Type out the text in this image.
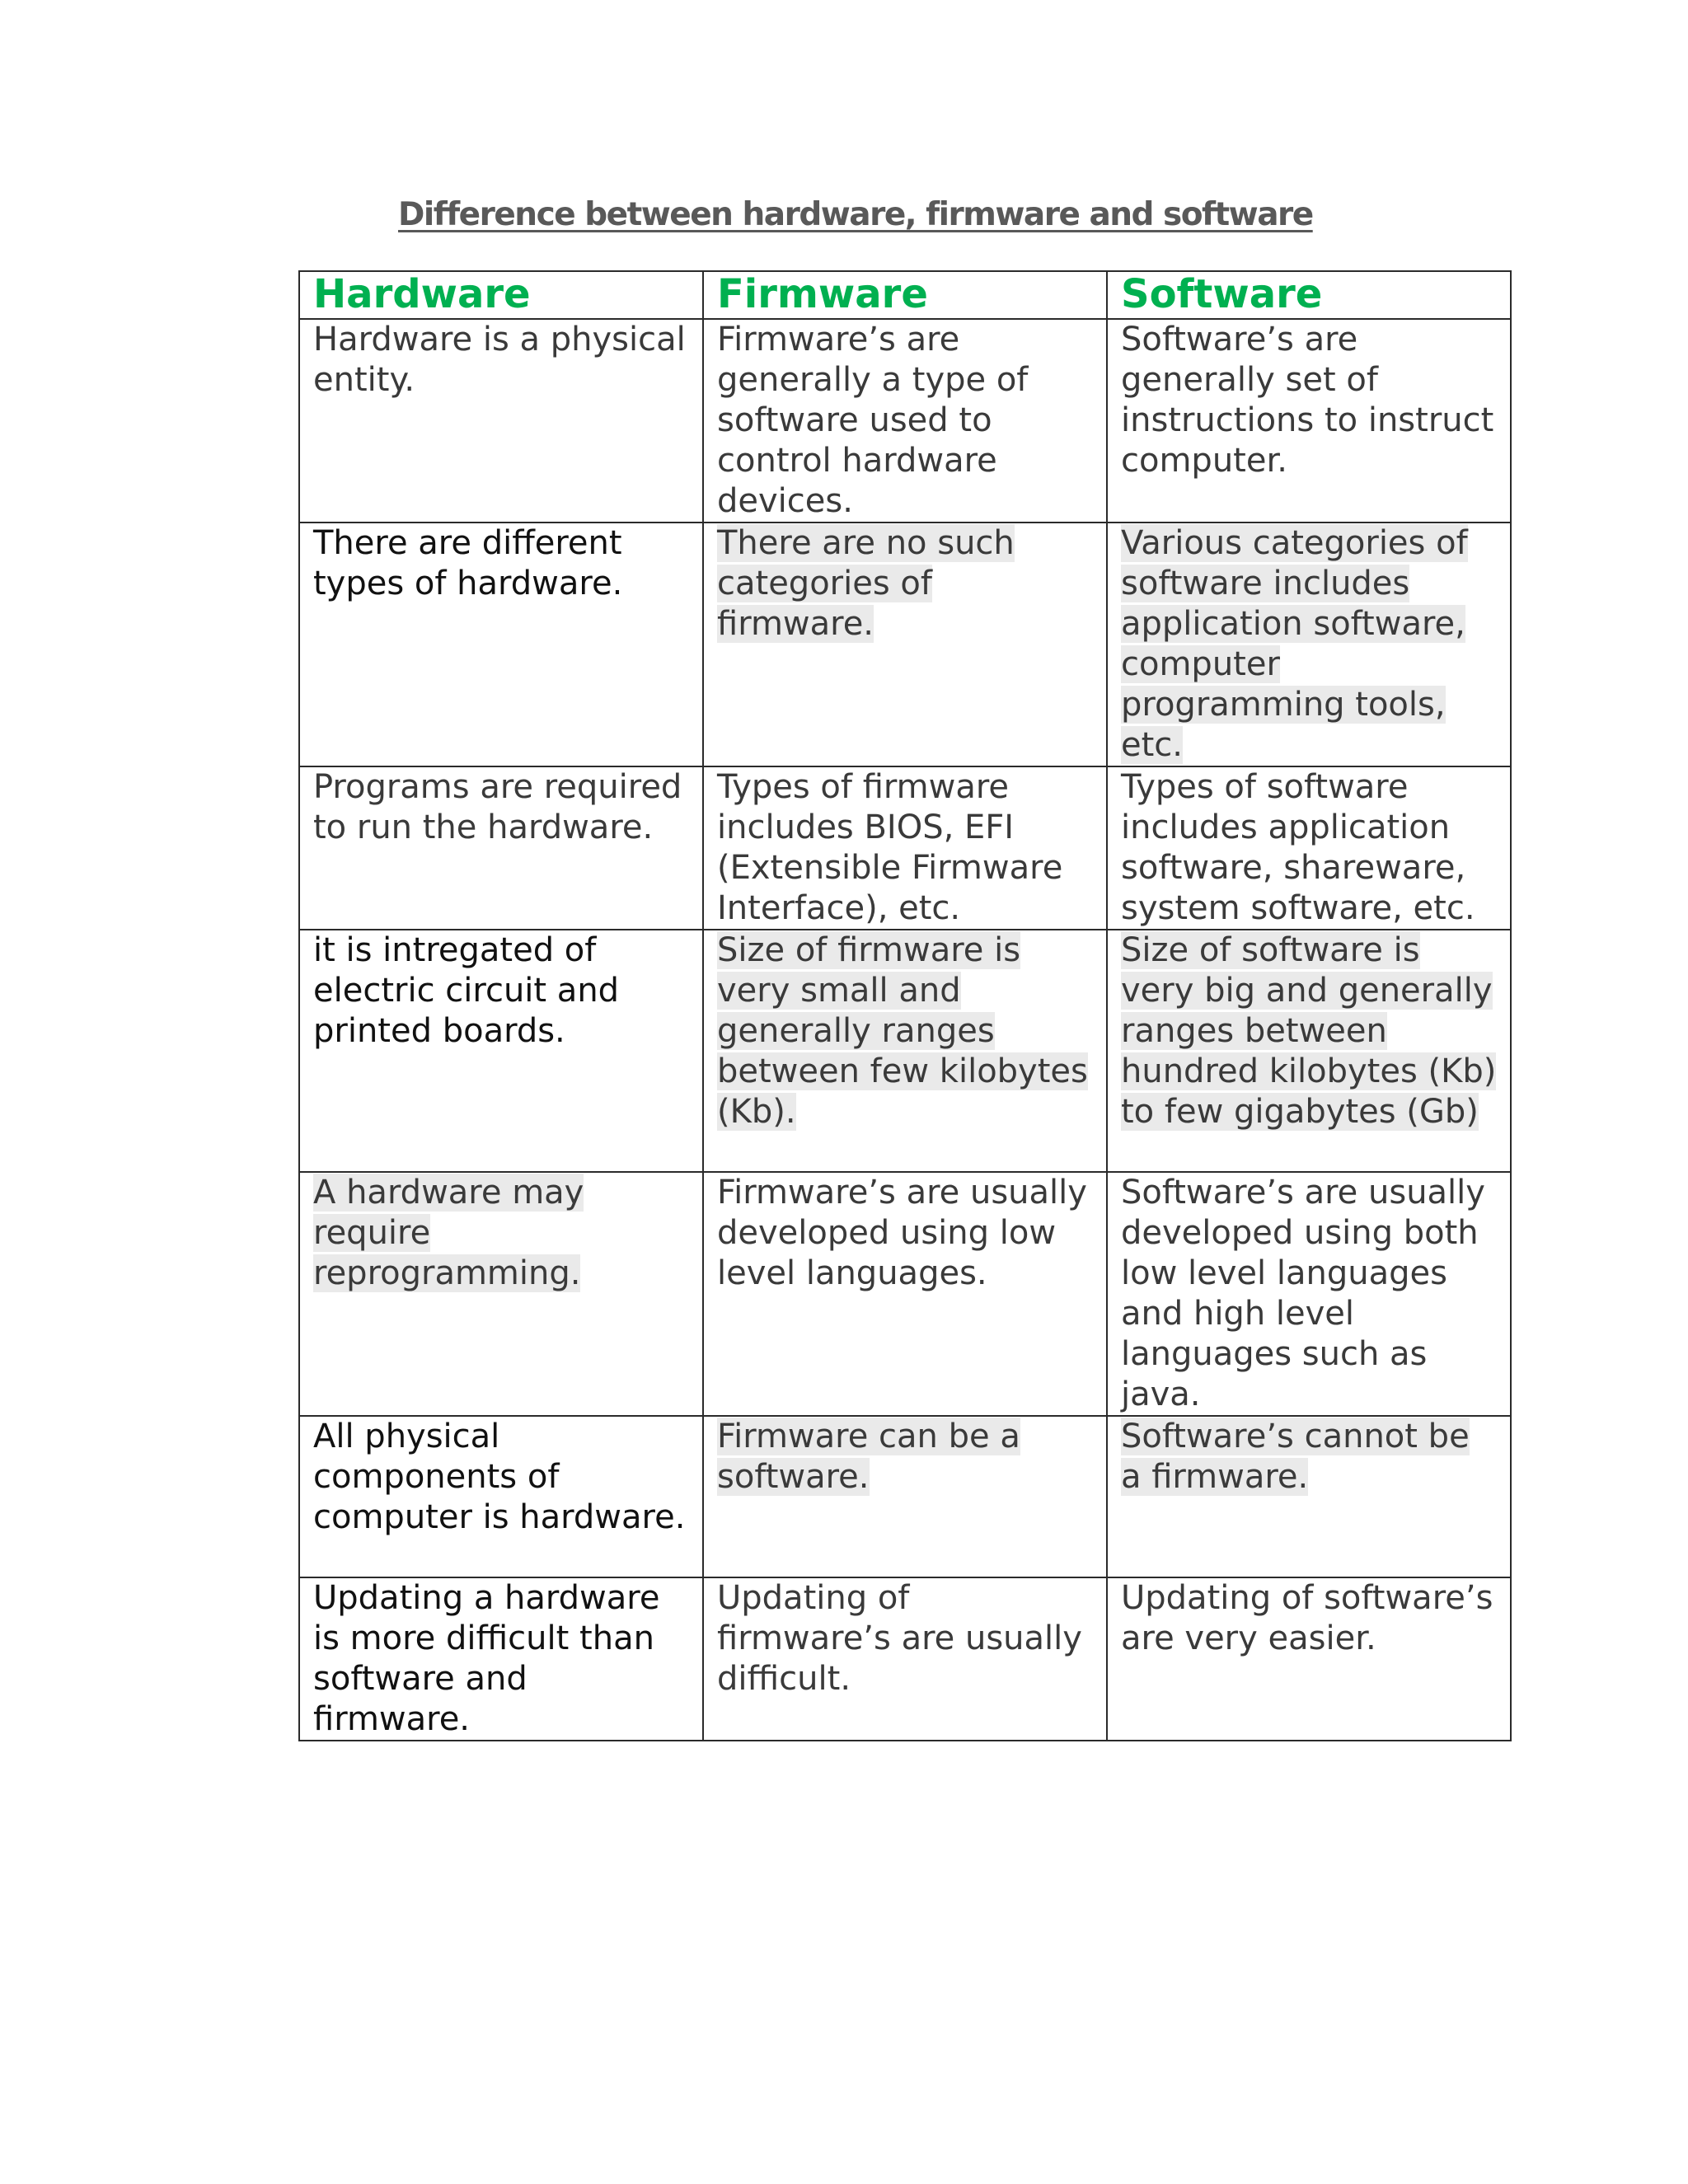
Difference between hardware, firmware and software
Hardware	Firmware	Software
Hardware is a physical entity.	Firmware’s are generally a type of software used to control hardware devices.	Software’s are generally set of instructions to instruct computer.
There are different types of hardware.	There are no such categories of firmware.	Various categories of software includes application software, computer programming tools, etc.
Programs are required to run the hardware.	Types of firmware includes BIOS, EFI (Extensible Firmware Interface), etc.	Types of software includes application software, shareware, system software, etc.
it is intregated of electric circuit and printed boards.	Size of firmware is very small and generally ranges between few kilobytes (Kb).	Size of software is very big and generally ranges between hundred kilobytes (Kb) to few gigabytes (Gb)
A hardware may require reprogramming.	Firmware’s are usually developed using low level languages.	Software’s are usually developed using both low level languages and high level languages such as java.
All physical components of computer is hardware.	Firmware can be a software.	Software’s cannot be a firmware.
Updating a hardware is more difficult than software and firmware.	Updating of firmware’s are usually difficult.	Updating of software’s are very easier.
